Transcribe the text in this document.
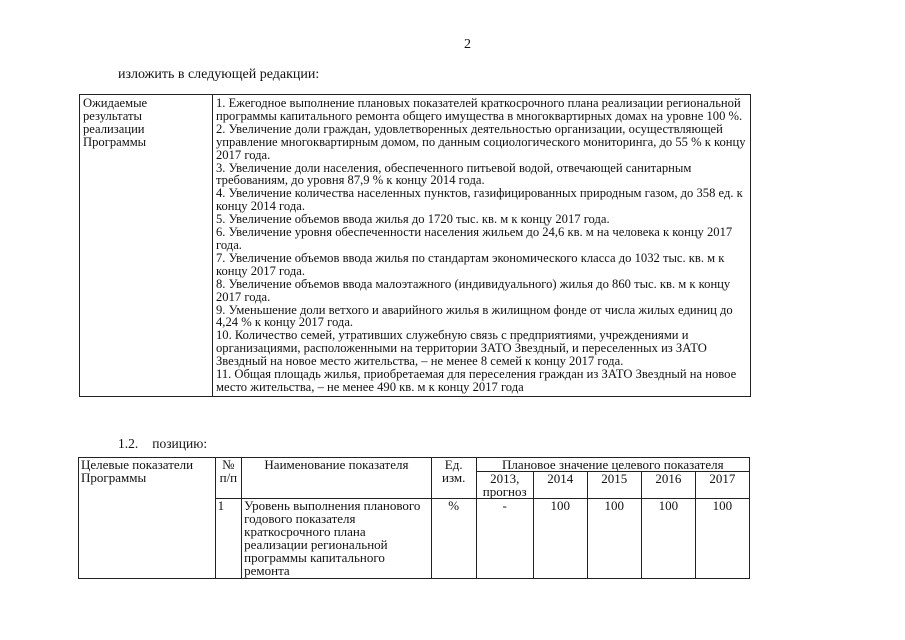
2
изложить в следующей редакции:
Ожидаемые
результаты
реализации
Программы

1. Ежегодное выполнение плановых показателей краткосрочного плана реализации региональной программы капитального ремонта общего имущества в многоквартирных домах на уровне 100 %.
2. Увеличение доли граждан, удовлетворенных деятельностью организации, осуществляющей управление многоквартирным домом, по данным социологического мониторинга, до 55 % к концу 2017 года.
3. Увеличение доли населения, обеспеченного питьевой водой, отвечающей санитарным требованиям, до уровня 87,9 % к концу 2014 года.
4. Увеличение количества населенных пунктов, газифицированных природным газом, до 358 ед. к концу 2014 года.
5. Увеличение объемов ввода жилья до 1720 тыс. кв. м к концу 2017 года.
6. Увеличение уровня обеспеченности населения жильем до 24,6 кв. м на человека к концу 2017 года.
7. Увеличение объемов ввода жилья по стандартам экономического класса до 1032 тыс. кв. м к концу 2017 года.
8. Увеличение объемов ввода малоэтажного (индивидуального) жилья до 860 тыс. кв. м к концу 2017 года.
9. Уменьшение доли ветхого и аварийного жилья в жилищном фонде от числа жилых единиц до 4,24 % к концу 2017 года.
10. Количество семей, утративших служебную связь с предприятиями, учреждениями и организациями, расположенными на территории ЗАТО Звездный, и переселенных из ЗАТО Звездный на новое место жительства, – не менее 8 семей к концу 2017 года.
11. Общая площадь жилья, приобретаемая для переселения граждан из ЗАТО Звездный на новое место жительства, – не менее 490 кв. м к концу 2017 года
1.2. позицию:
Целевые показатели Программы	№ п/п	Наименование показателя	Ед. изм.	Плановое значение целевого показателя				
				2013, прогноз	2014	2015	2016	2017
	1	Уровень выполнения планового годового показателя краткосрочного плана реализации региональной программы капитального ремонта	%	-	100	100	100	100
